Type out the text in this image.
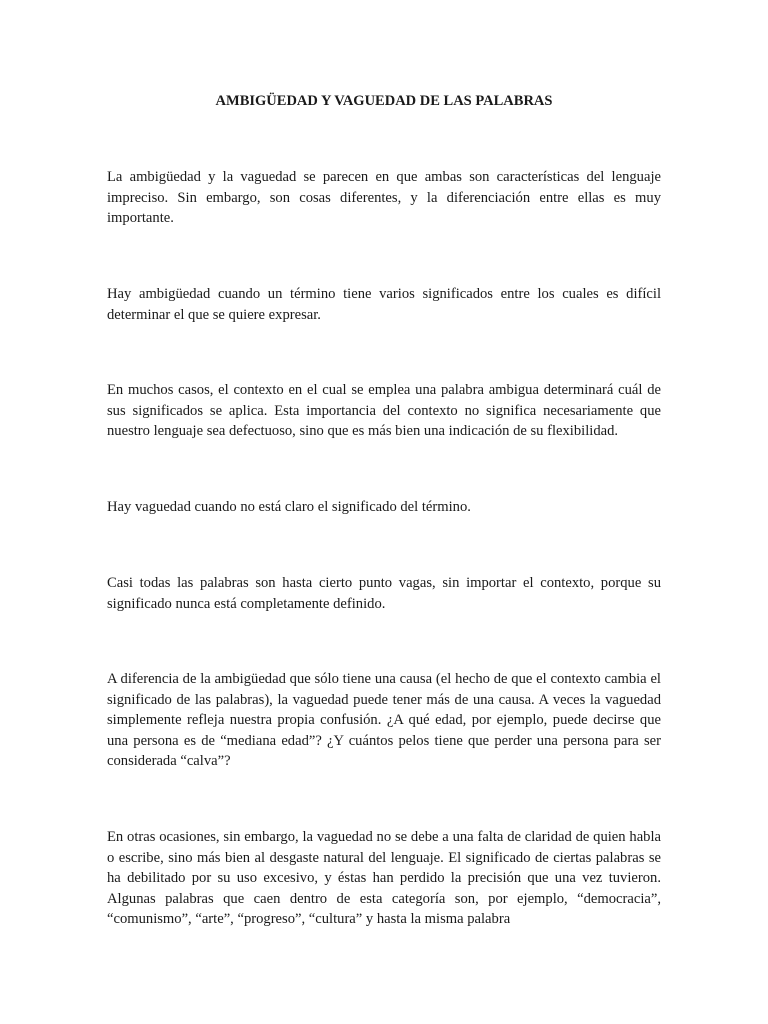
AMBIGÜEDAD Y VAGUEDAD DE LAS PALABRAS

La ambigüedad y la vaguedad se parecen en que ambas son características del lenguaje impreciso. Sin embargo, son cosas diferentes, y la diferenciación entre ellas es muy importante.

Hay ambigüedad cuando un término tiene varios significados entre los cuales es difícil determinar el que se quiere expresar.

En muchos casos, el contexto en el cual se emplea una palabra ambigua determinará cuál de sus significados se aplica. Esta importancia del contexto no significa necesariamente que nuestro lenguaje sea defectuoso, sino que es más bien una indicación de su flexibilidad.

Hay vaguedad cuando no está claro el significado del término.

Casi todas las palabras son hasta cierto punto vagas, sin importar el contexto, porque su significado nunca está completamente definido.

A diferencia de la ambigüedad que sólo tiene una causa (el hecho de que el contexto cambia el significado de las palabras), la vaguedad puede tener más de una causa. A veces la vaguedad simplemente refleja nuestra propia confusión. ¿A qué edad, por ejemplo, puede decirse que una persona es de “mediana edad”? ¿Y cuántos pelos tiene que perder una persona para ser considerada “calva”?

En otras ocasiones, sin embargo, la vaguedad no se debe a una falta de claridad de quien habla o escribe, sino más bien al desgaste natural del lenguaje. El significado de ciertas palabras se ha debilitado por su uso excesivo, y éstas han perdido la precisión que una vez tuvieron. Algunas palabras que caen dentro de esta categoría son, por ejemplo, “democracia”, “comunismo”, “arte”, “progreso”, “cultura” y hasta la misma palabra
